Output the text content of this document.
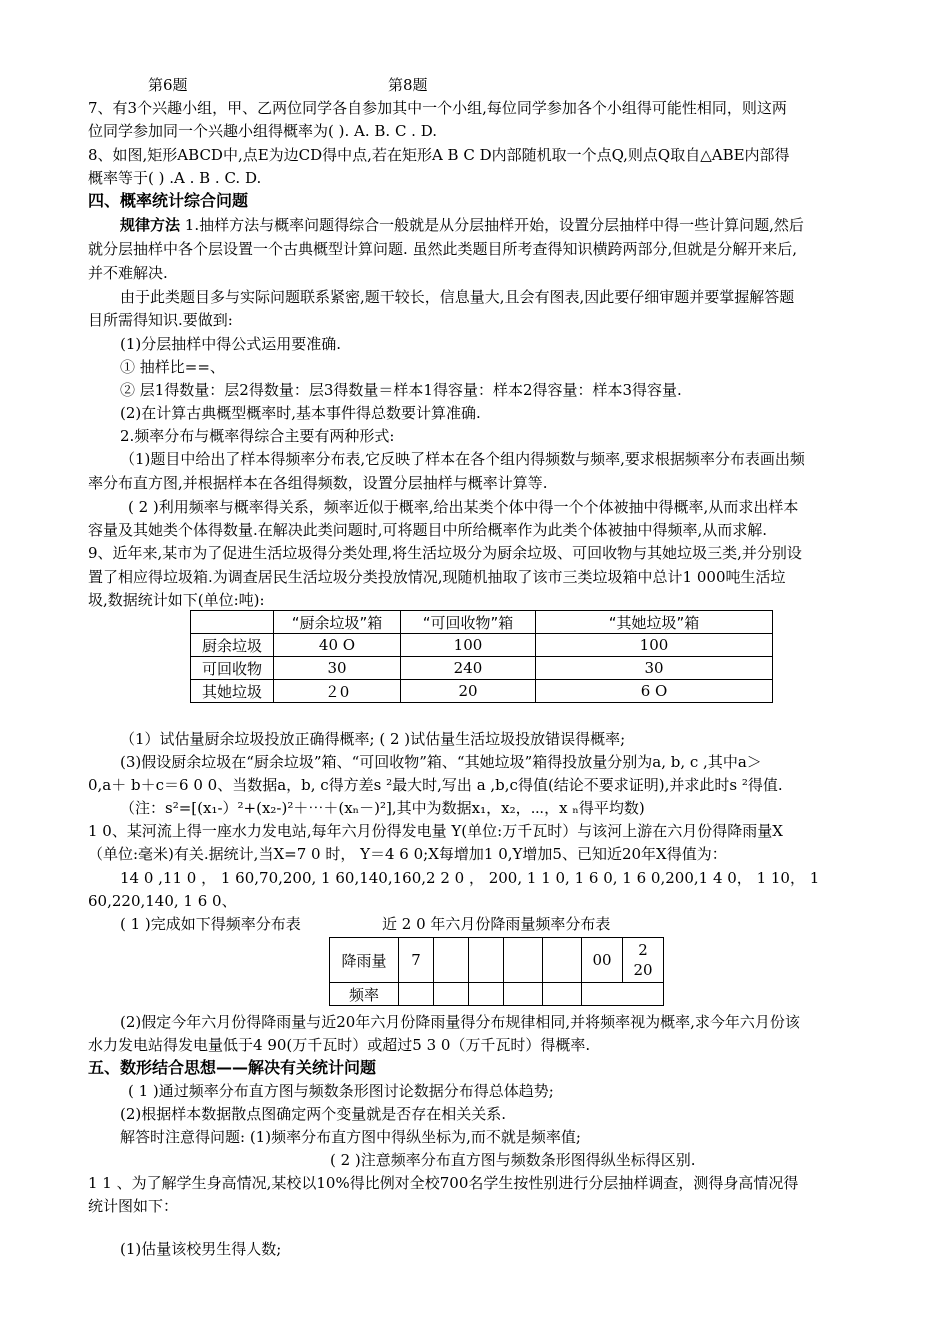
第6题	第8题
7、有3个兴趣小组，甲、乙两位同学各自参加其中一个小组,每位同学参加各个小组得可能性相同，则这两
位同学参加同一个兴趣小组得概率为( ). A. B. C . D.
8、如图,矩形ABCD中,点E为边CD得中点,若在矩形A B C D内部随机取一个点Q,则点Q取自△ABE内部得
概率等于( ) .A . B . C. D.
四、概率统计综合问题
规律方法 1.抽样方法与概率问题得综合一般就是从分层抽样开始，设置分层抽样中得一些计算问题,然后
就分层抽样中各个层设置一个古典概型计算问题. 虽然此类题目所考查得知识横跨两部分,但就是分解开来后,
并不难解决.
由于此类题目多与实际问题联系紧密,题干较长，信息量大,且会有图表,因此要仔细审题并要掌握解答题
目所需得知识.要做到:
(1)分层抽样中得公式运用要准确.
① 抽样比==、
② 层1得数量：层2得数量：层3得数量＝样本1得容量：样本2得容量：样本3得容量.
(2)在计算古典概型概率时,基本事件得总数要计算准确.
2.频率分布与概率得综合主要有两种形式:
（1)题目中给出了样本得频率分布表,它反映了样本在各个组内得频数与频率,要求根据频率分布表画出频
率分布直方图,并根据样本在各组得频数，设置分层抽样与概率计算等.
( 2 )利用频率与概率得关系，频率近似于概率,给出某类个体中得一个个体被抽中得概率,从而求出样本
容量及其她类个体得数量.在解决此类问题时,可将题目中所给概率作为此类个体被抽中得频率,从而求解.
9、近年来,某市为了促进生活垃圾得分类处理,将生活垃圾分为厨余垃圾、可回收物与其她垃圾三类,并分别设
置了相应得垃圾箱.为调查居民生活垃圾分类投放情况,现随机抽取了该市三类垃圾箱中总计1 000吨生活垃
圾,数据统计如下(单位:吨):
	“厨余垃圾”箱	“可回收物”箱	“其她垃圾”箱
厨余垃圾	40 O	100	100
可回收物	30	240	30
其她垃圾	２0	20	6 O
（1）试估量厨余垃圾投放正确得概率; ( 2 )试估量生活垃圾投放错误得概率;
(3)假设厨余垃圾在“厨余垃圾”箱、“可回收物”箱、“其她垃圾”箱得投放量分别为a, b, c ,其中a＞
0,a＋ b＋c＝6 0 0、当数据a，b, c得方差s ²最大时,写出 a ,b,c得值(结论不要求证明),并求此时s ²得值.
（注：s²=[(x₁-）²+(x₂-)²＋⋯＋(xₙ－)²],其中为数据x₁，x₂，⋯，x ₙ得平均数)
1 0、某河流上得一座水力发电站,每年六月份得发电量 Y(单位:万千瓦时）与该河上游在六月份得降雨量X
（单位:毫米)有关.据统计,当X=7 0 时， Y＝4 6 0;X每增加1 0,Y增加5、已知近20年X得值为：
14 0 ,11 0 ， 1 60,70,200, 1 60,140,160,2 2 0 ， 200, 1 1 0, 1 6 0, 1 6 0,200,1 4 0， 1 10， 1
60,220,140, 1 6 0、
( 1 )完成如下得频率分布表	近 2 0 年六月份降雨量频率分布表
降雨量	7					00	2
20
频率							
(2)假定今年六月份得降雨量与近20年六月份降雨量得分布规律相同,并将频率视为概率,求今年六月份该
水力发电站得发电量低于4 90(万千瓦时）或超过5 3 0（万千瓦时）得概率.
五、数形结合思想——解决有关统计问题
( 1 )通过频率分布直方图与频数条形图讨论数据分布得总体趋势;
(2)根据样本数据散点图确定两个变量就是否存在相关关系.
解答时注意得问题: (1)频率分布直方图中得纵坐标为,而不就是频率值;
( 2 )注意频率分布直方图与频数条形图得纵坐标得区别.
1 1 、为了解学生身高情况,某校以10%得比例对全校700名学生按性别进行分层抽样调查，测得身高情况得
统计图如下：
(1)估量该校男生得人数;
